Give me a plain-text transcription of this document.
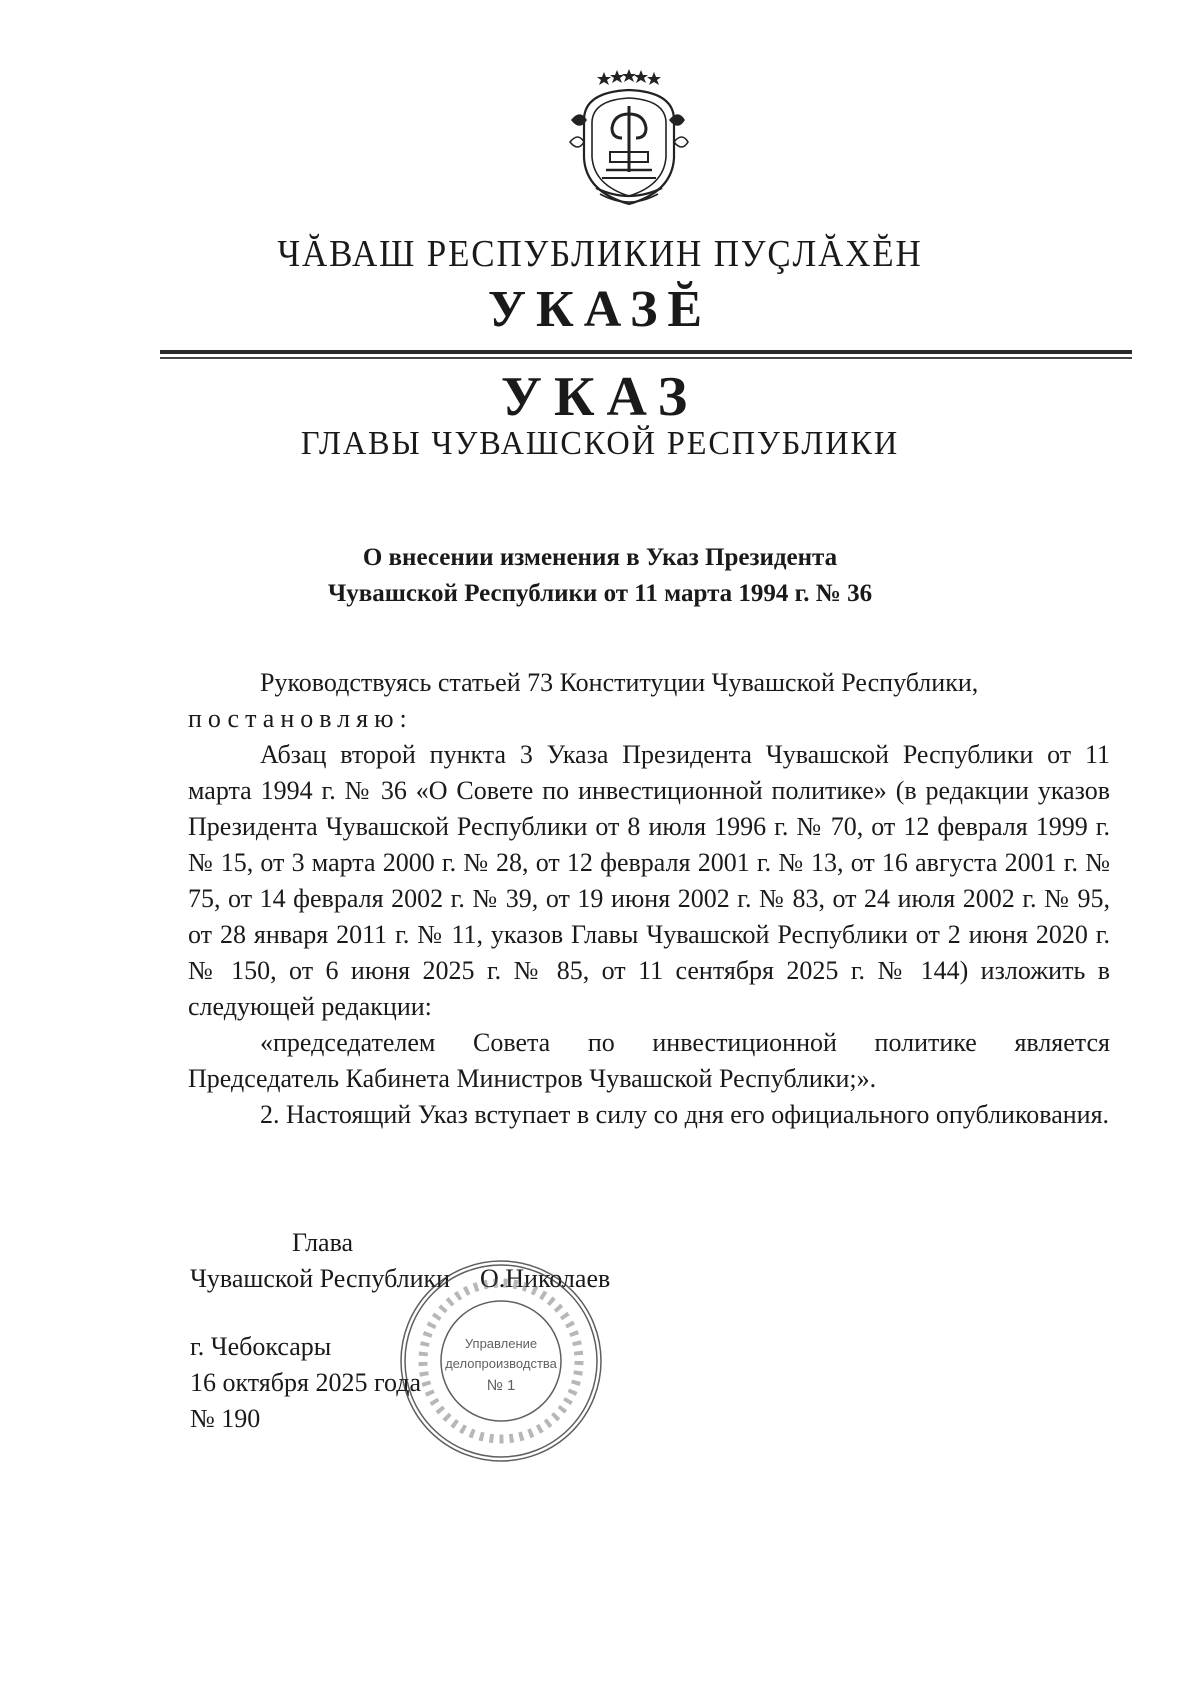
ЧĂВАШ РЕСПУБЛИКИН ПУÇЛĂХĔН
УКАЗĔ
УКАЗ
ГЛАВЫ ЧУВАШСКОЙ РЕСПУБЛИКИ
О внесении изменения в Указ Президента
Чувашской Республики от 11 марта 1994 г. № 36

Руководствуясь статьей 73 Конституции Чувашской Республики,

постановляю:

Абзац второй пункта 3 Указа Президента Чувашской Республики от 11 марта 1994 г. № 36 «О Совете по инвестиционной политике» (в редакции указов Президента Чувашской Республики от 8 июля 1996 г. № 70, от 12 февраля 1999 г. № 15, от 3 марта 2000 г. № 28, от 12 февраля 2001 г. № 13, от 16 августа 2001 г. № 75, от 14 февраля 2002 г. № 39, от 19 июня 2002 г. № 83, от 24 июля 2002 г. № 95, от 28 января 2011 г. № 11, указов Главы Чувашской Республики от 2 июня 2020 г. № 150, от 6 июня 2025 г. № 85, от 11 сентября 2025 г. № 144) изложить в следующей редакции:

«председателем Совета по инвестиционной политике является Председатель Кабинета Министров Чувашской Республики;».

2. Настоящий Указ вступает в силу со дня его официального опубликования.

Глава
Чувашской Республики О.Николаев
г. Чебоксары
16 октября 2025 года
№ 190
Управление
делопроизводства
№ 1
